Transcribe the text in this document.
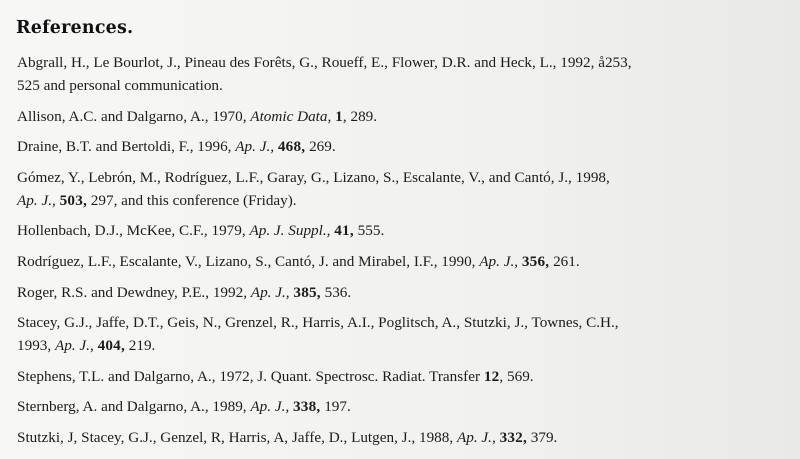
References.

Abgrall, H., Le Bourlot, J., Pineau des Forêts, G., Roueff, E., Flower, D.R. and Heck, L., 1992, å253,
525 and personal communication.

Allison, A.C. and Dalgarno, A., 1970, Atomic Data, 1, 289.

Draine, B.T. and Bertoldi, F., 1996, Ap. J., 468, 269.

Gómez, Y., Lebrón, M., Rodríguez, L.F., Garay, G., Lizano, S., Escalante, V., and Cantó, J., 1998,
Ap. J., 503, 297, and this conference (Friday).

Hollenbach, D.J., McKee, C.F., 1979, Ap. J. Suppl., 41, 555.

Rodríguez, L.F., Escalante, V., Lizano, S., Cantó, J. and Mirabel, I.F., 1990, Ap. J., 356, 261.

Roger, R.S. and Dewdney, P.E., 1992, Ap. J., 385, 536.

Stacey, G.J., Jaffe, D.T., Geis, N., Grenzel, R., Harris, A.I., Poglitsch, A., Stutzki, J., Townes, C.H.,
1993, Ap. J., 404, 219.

Stephens, T.L. and Dalgarno, A., 1972, J. Quant. Spectrosc. Radiat. Transfer 12, 569.

Sternberg, A. and Dalgarno, A., 1989, Ap. J., 338, 197.

Stutzki, J, Stacey, G.J., Genzel, R, Harris, A, Jaffe, D., Lutgen, J., 1988, Ap. J., 332, 379.
